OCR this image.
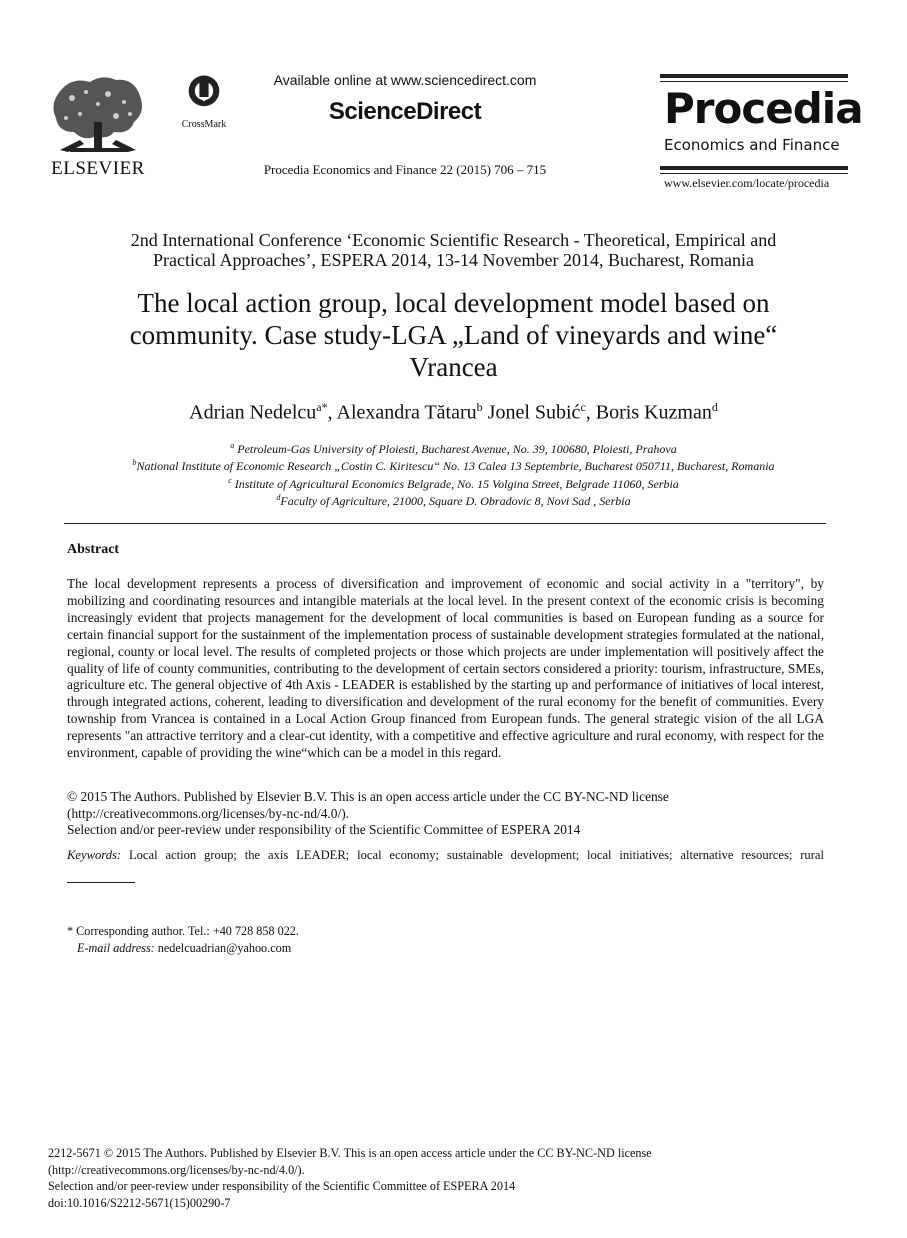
ELSEVIER
CrossMark
Available online at www.sciencedirect.com
ScienceDirect
Procedia Economics and Finance 22 (2015) 706 – 715
Procedia
Economics and Finance
www.elsevier.com/locate/procedia
2nd International Conference ‘Economic Scientific Research - Theoretical, Empirical and
Practical Approaches’, ESPERA 2014, 13-14 November 2014, Bucharest, Romania
The local action group, local development model based on
community. Case study-LGA „Land of vineyards and wine“
Vrancea
Adrian Nedelcu$^{a*}$, Alexandra Tătaru$^b$ Jonel Subić$^c$, Boris Kuzman$^d$
$^a$ Petroleum-Gas University of Ploiesti, Bucharest Avenue, No. 39, 100680, Ploiesti, Prahova
$^b$National Institute of Economic Research „Costin C. Kiritescu“ No. 13 Calea 13 Septembrie, Bucharest 050711, Bucharest, Romania
$^c$ Institute of Agricultural Economics Belgrade, No. 15 Volgina Street, Belgrade 11060, Serbia
$^d$Faculty of Agriculture, 21000, Square D. Obradovic 8, Novi Sad , Serbia
Abstract
The local development represents a process of diversification and improvement of economic and social activity in a "territory", by mobilizing and coordinating resources and intangible materials at the local level. In the present context of the economic crisis is becoming increasingly evident that projects management for the development of local communities is based on European funding as a source for certain financial support for the sustainment of the implementation process of sustainable development strategies formulated at the national, regional, county or local level. The results of completed projects or those which projects are under implementation will positively affect the quality of life of county communities, contributing to the development of certain sectors considered a priority: tourism, infrastructure, SMEs, agriculture etc. The general objective of 4th Axis - LEADER is established by the starting up and performance of initiatives of local interest, through integrated actions, coherent, leading to diversification and development of the rural economy for the benefit of communities. Every township from Vrancea is contained in a Local Action Group financed from European funds. The general strategic vision of the all LGA represents "an attractive territory and a clear-cut identity, with a competitive and effective agriculture and rural economy, with respect for the environment, capable of providing the wine“which can be a model in this regard.
© 2015 The Authors. Published by Elsevier B.V. This is an open access article under the CC BY-NC-ND license
(http://creativecommons.org/licenses/by-nc-nd/4.0/).
Selection and/or peer-review under responsibility of the Scientific Committee of ESPERA 2014
Keywords: Local action group; the axis LEADER; local economy; sustainable development; local initiatives; alternative resources; rural
* Corresponding author. Tel.: +40 728 858 022.
E-mail address: nedelcuadrian@yahoo.com
2212-5671 © 2015 The Authors. Published by Elsevier B.V. This is an open access article under the CC BY-NC-ND license
(http://creativecommons.org/licenses/by-nc-nd/4.0/).
Selection and/or peer-review under responsibility of the Scientific Committee of ESPERA 2014
doi:10.1016/S2212-5671(15)00290-7
